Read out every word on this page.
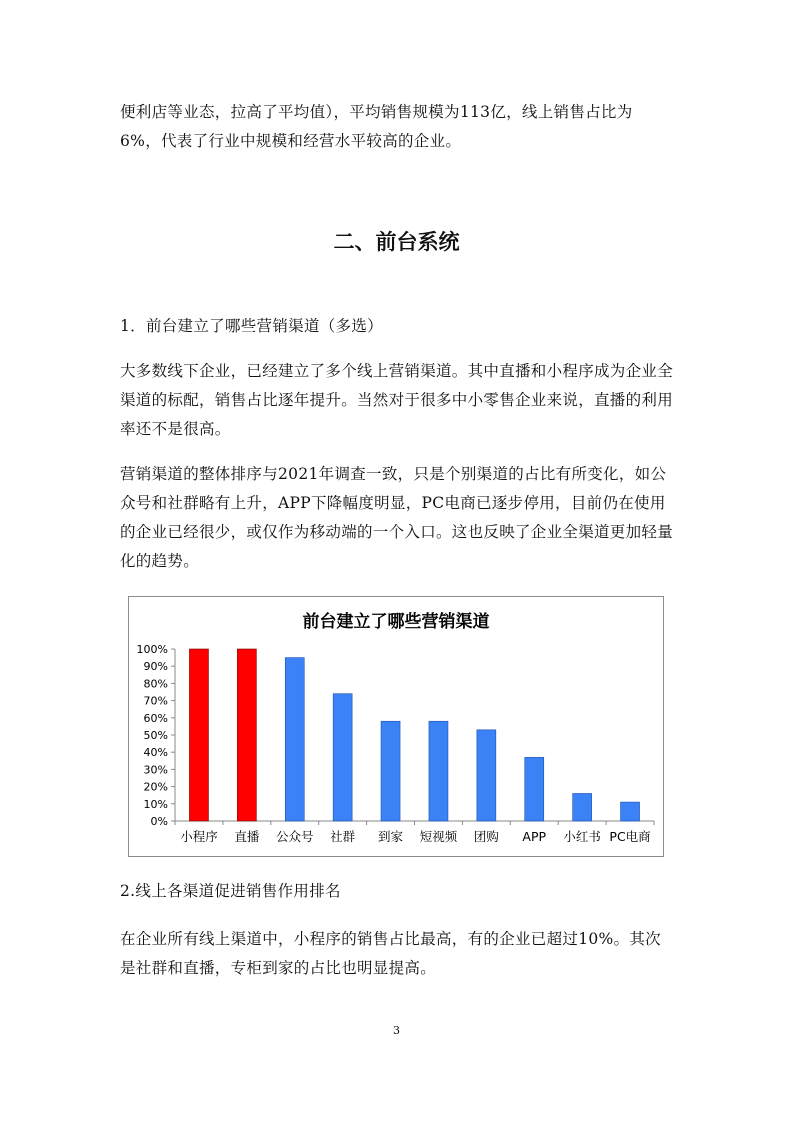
便利店等业态，拉高了平均值），平均销售规模为113亿，线上销售占比为
6%，代表了行业中规模和经营水平较高的企业。
二、前台系统
1．前台建立了哪些营销渠道（多选）
大多数线下企业，已经建立了多个线上营销渠道。其中直播和小程序成为企业全渠道的标配，销售占比逐年提升。当然对于很多中小零售企业来说，直播的利用率还不是很高。
营销渠道的整体排序与2021年调查一致，只是个别渠道的占比有所变化，如公众号和社群略有上升，APP下降幅度明显，PC电商已逐步停用，目前仍在使用的企业已经很少，或仅作为移动端的一个入口。这也反映了企业全渠道更加轻量化的趋势。
前台建立了哪些营销渠道
0%
10%
20%
30%
40%
50%
60%
70%
80%
90%
100%
小程序 直播 公众号 社群 到家 短视频 团购 APP 小红书 PC电商
2.线上各渠道促进销售作用排名
在企业所有线上渠道中，小程序的销售占比最高，有的企业已超过10%。其次是社群和直播，专柜到家的占比也明显提高。
3
